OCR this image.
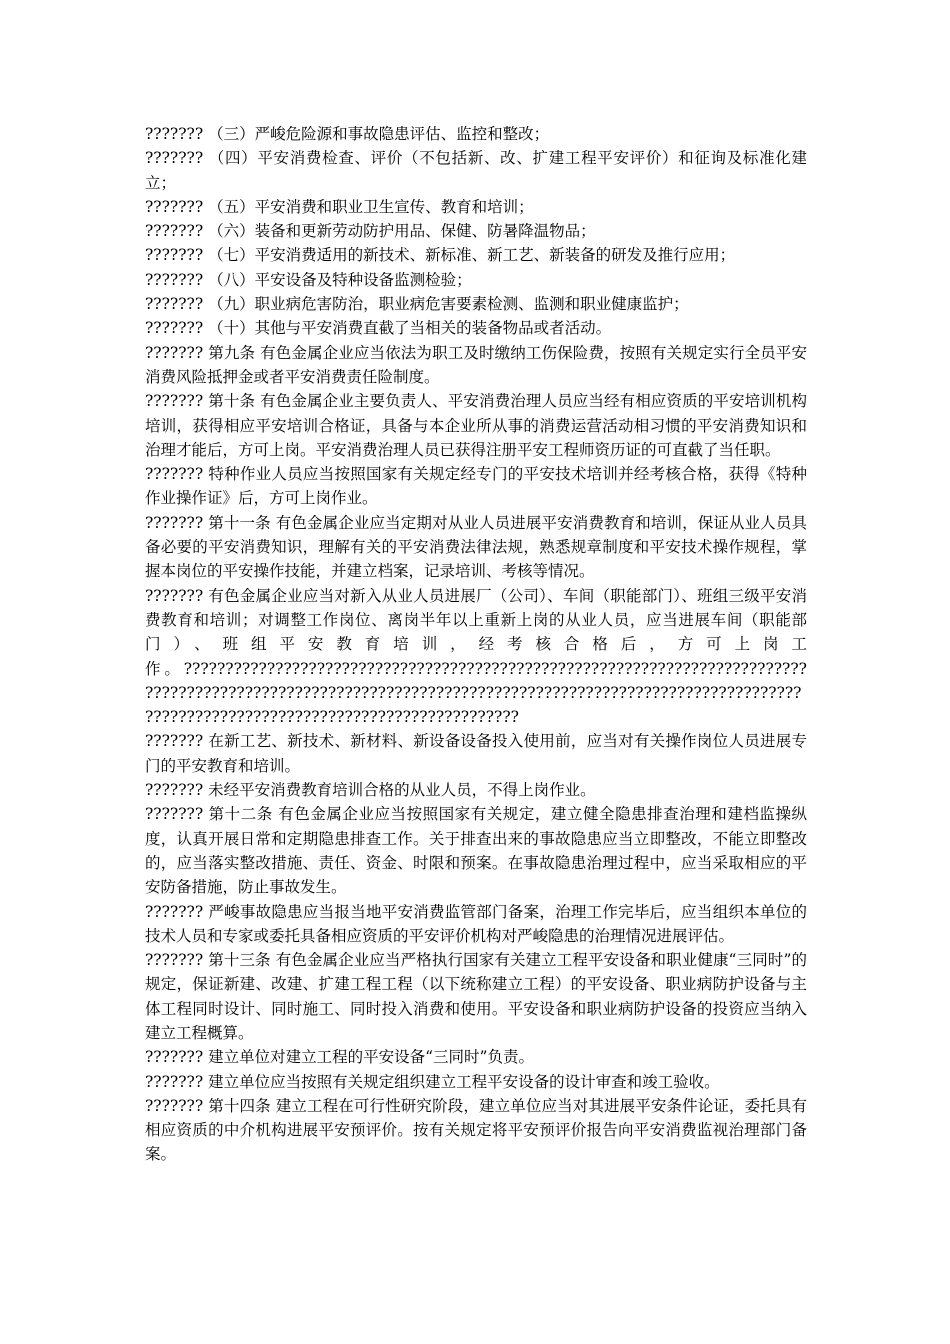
??????? （三）严峻危险源和事故隐患评估、监控和整改；

??????? （四）平安消费检查、评价（不包括新、改、扩建工程平安评价）和征询及标准化建立；

??????? （五）平安消费和职业卫生宣传、教育和培训；

??????? （六）装备和更新劳动防护用品、保健、防暑降温物品；

??????? （七）平安消费适用的新技术、新标准、新工艺、新装备的研发及推行应用；

??????? （八）平安设备及特种设备监测检验；

??????? （九）职业病危害防治，职业病危害要素检测、监测和职业健康监护；

??????? （十）其他与平安消费直截了当相关的装备物品或者活动。

??????? 第九条 有色金属企业应当依法为职工及时缴纳工伤保险费，按照有关规定实行全员平安消费风险抵押金或者平安消费责任险制度。

??????? 第十条 有色金属企业主要负责人、平安消费治理人员应当经有相应资质的平安培训机构培训，获得相应平安培训合格证，具备与本企业所从事的消费运营活动相习惯的平安消费知识和治理才能后，方可上岗。平安消费治理人员已获得注册平安工程师资历证的可直截了当任职。

??????? 特种作业人员应当按照国家有关规定经专门的平安技术培训并经考核合格，获得《特种作业操作证》后，方可上岗作业。

??????? 第十一条 有色金属企业应当定期对从业人员进展平安消费教育和培训，保证从业人员具备必要的平安消费知识，理解有关的平安消费法律法规，熟悉规章制度和平安技术操作规程，掌握本岗位的平安操作技能，并建立档案，记录培训、考核等情况。

??????? 有色金属企业应当对新入从业人员进展厂（公司）、车间（职能部门）、班组三级平安消费教育和培训；对调整工作岗位、离岗半年以上重新上岗的从业人员，应当进展车间（职能部门）、班组平安教育培训，经考核合格后，方可上岗工作。???????????????????????????????????????????????????????????????????????????????????????????????????????????????????????????????????????????????????????????????????????????????????????????????????????

??????? 在新工艺、新技术、新材料、新设备设备投入使用前，应当对有关操作岗位人员进展专门的平安教育和培训。

??????? 未经平安消费教育培训合格的从业人员，不得上岗作业。

??????? 第十二条 有色金属企业应当按照国家有关规定，建立健全隐患排查治理和建档监操纵度，认真开展日常和定期隐患排查工作。关于排查出来的事故隐患应当立即整改，不能立即整改的，应当落实整改措施、责任、资金、时限和预案。在事故隐患治理过程中，应当采取相应的平安防备措施，防止事故发生。

??????? 严峻事故隐患应当报当地平安消费监管部门备案，治理工作完毕后，应当组织本单位的技术人员和专家或委托具备相应资质的平安评价机构对严峻隐患的治理情况进展评估。

??????? 第十三条 有色金属企业应当严格执行国家有关建立工程平安设备和职业健康“三同时”的规定，保证新建、改建、扩建工程工程（以下统称建立工程）的平安设备、职业病防护设备与主体工程同时设计、同时施工、同时投入消费和使用。平安设备和职业病防护设备的投资应当纳入建立工程概算。

??????? 建立单位对建立工程的平安设备“三同时”负责。

??????? 建立单位应当按照有关规定组织建立工程平安设备的设计审查和竣工验收。

??????? 第十四条 建立工程在可行性研究阶段，建立单位应当对其进展平安条件论证，委托具有相应资质的中介机构进展平安预评价。按有关规定将平安预评价报告向平安消费监视治理部门备案。
